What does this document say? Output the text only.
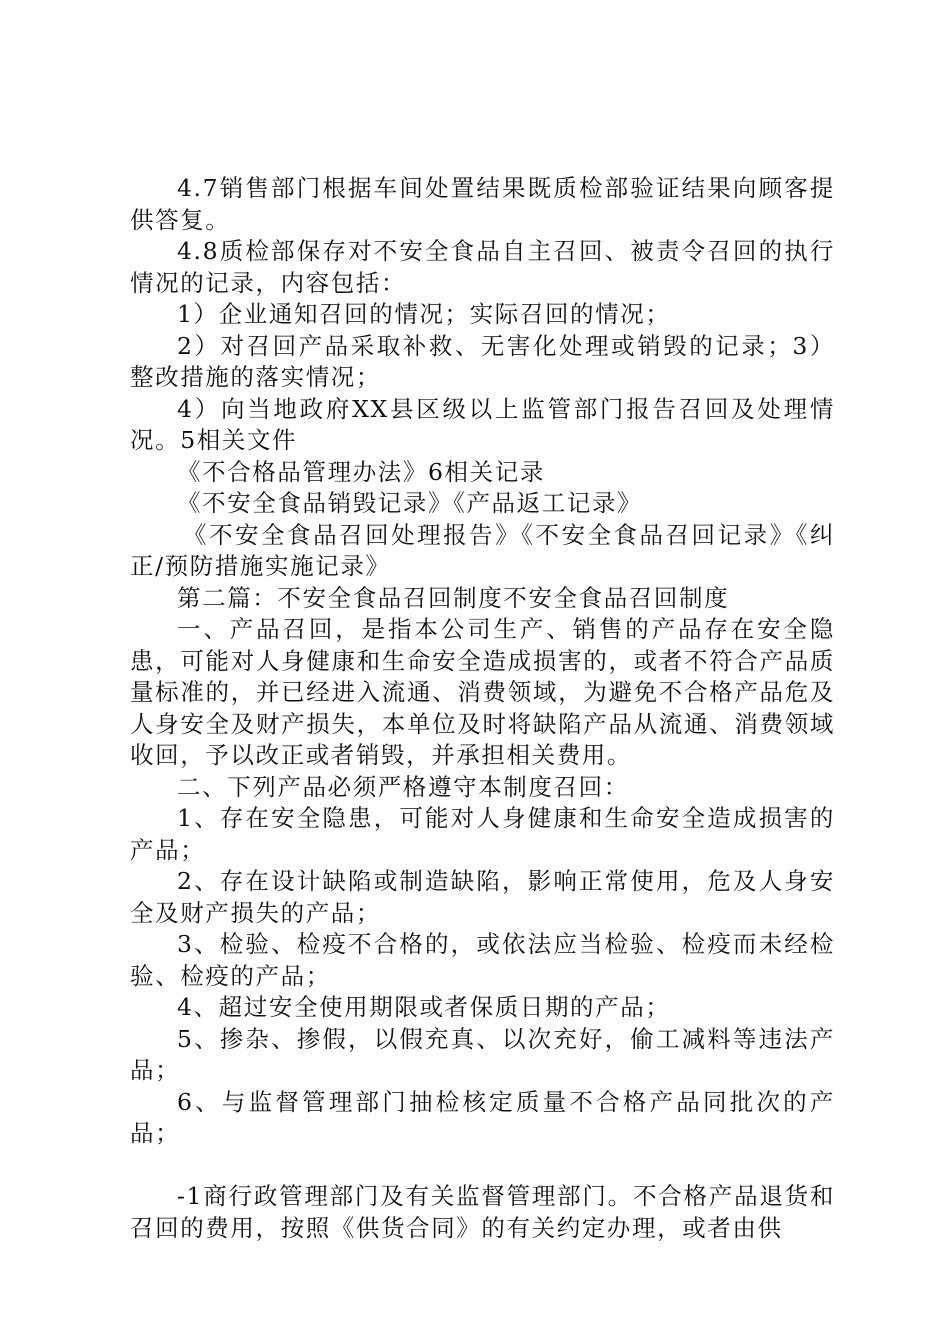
4.7销售部门根据车间处置结果既质检部验证结果向顾客提供答复。

4.8质检部保存对不安全食品自主召回、被责令召回的执行情况的记录，内容包括：

1）企业通知召回的情况；实际召回的情况；

2）对召回产品采取补救、无害化处理或销毁的记录；3）整改措施的落实情况；

4）向当地政府XX县区级以上监管部门报告召回及处理情况。5相关文件

《不合格品管理办法》6相关记录

《不安全食品销毁记录》《产品返工记录》

《不安全食品召回处理报告》《不安全食品召回记录》《纠正/预防措施实施记录》

第二篇：不安全食品召回制度不安全食品召回制度

一、产品召回，是指本公司生产、销售的产品存在安全隐患，可能对人身健康和生命安全造成损害的，或者不符合产品质量标准的，并已经进入流通、消费领域，为避免不合格产品危及人身安全及财产损失，本单位及时将缺陷产品从流通、消费领域收回，予以改正或者销毁，并承担相关费用。

二、下列产品必须严格遵守本制度召回：

1、存在安全隐患，可能对人身健康和生命安全造成损害的产品；

2、存在设计缺陷或制造缺陷，影响正常使用，危及人身安全及财产损失的产品；

3、检验、检疫不合格的，或依法应当检验、检疫而未经检验、检疫的产品；

4、超过安全使用期限或者保质日期的产品；

5、掺杂、掺假，以假充真、以次充好，偷工减料等违法产品；

6、与监督管理部门抽检核定质量不合格产品同批次的产品；

-1商行政管理部门及有关监督管理部门。不合格产品退货和召回的费用，按照《供货合同》的有关约定办理，或者由供
